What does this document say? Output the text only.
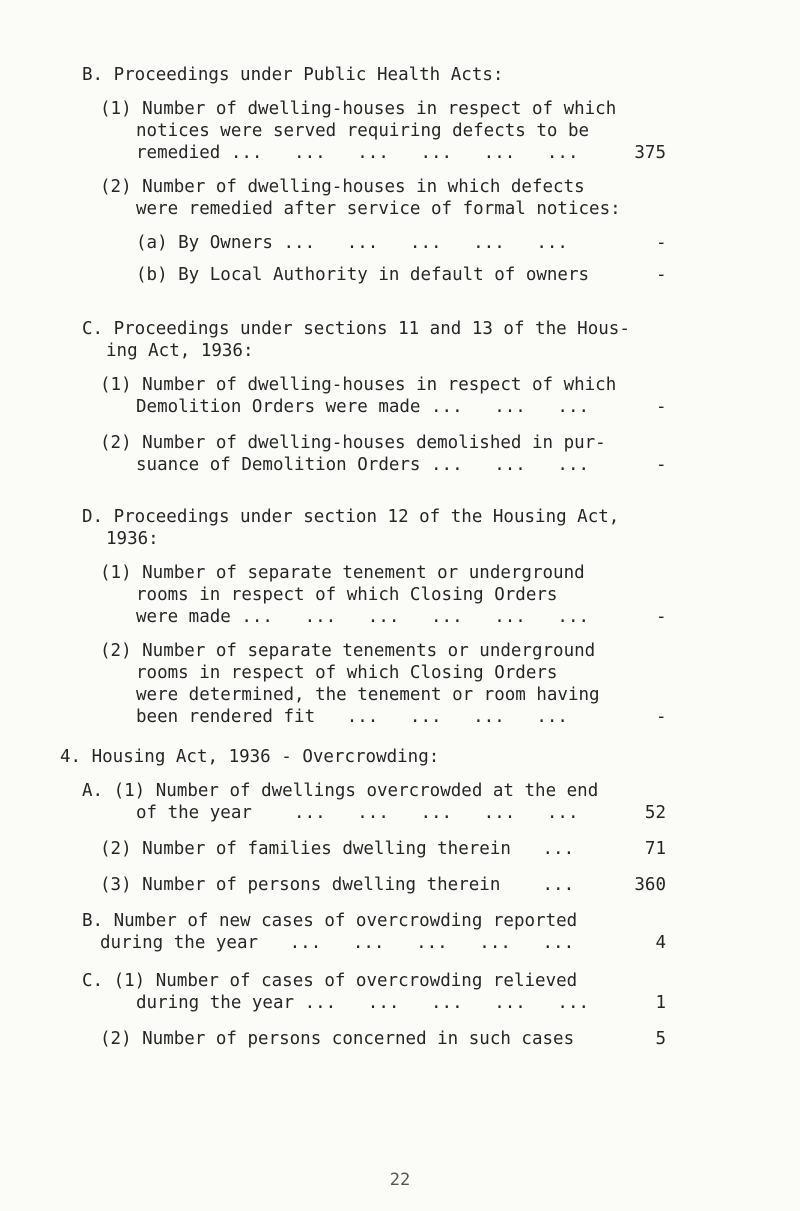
B. Proceedings under Public Health Acts:
(1) Number of dwelling-houses in respect of which
notices were served requiring defects to be
remedied ...   ...   ...   ...   ...   ...	375
(2) Number of dwelling-houses in which defects
were remedied after service of formal notices:
(a) By Owners ...   ...   ...   ...   ...	-
(b) By Local Authority in default of owners	-
C. Proceedings under sections 11 and 13 of the Hous-
ing Act, 1936:
(1) Number of dwelling-houses in respect of which
Demolition Orders were made ...   ...   ...	-
(2) Number of dwelling-houses demolished in pur-
suance of Demolition Orders ...   ...   ...	-
D. Proceedings under section 12 of the Housing Act,
1936:
(1) Number of separate tenement or underground
rooms in respect of which Closing Orders
were made ...   ...   ...   ...   ...   ...	-
(2) Number of separate tenements or underground
rooms in respect of which Closing Orders
were determined, the tenement or room having
been rendered fit   ...   ...   ...   ...	-
4. Housing Act, 1936 - Overcrowding:
A. (1) Number of dwellings overcrowded at the end
of the year    ...   ...   ...   ...   ...	52
(2) Number of families dwelling therein   ...	71
(3) Number of persons dwelling therein    ...	360
B. Number of new cases of overcrowding reported
during the year   ...   ...   ...   ...   ...	4
C. (1) Number of cases of overcrowding relieved
during the year ...   ...   ...   ...   ...	1
(2) Number of persons concerned in such cases	5
22
